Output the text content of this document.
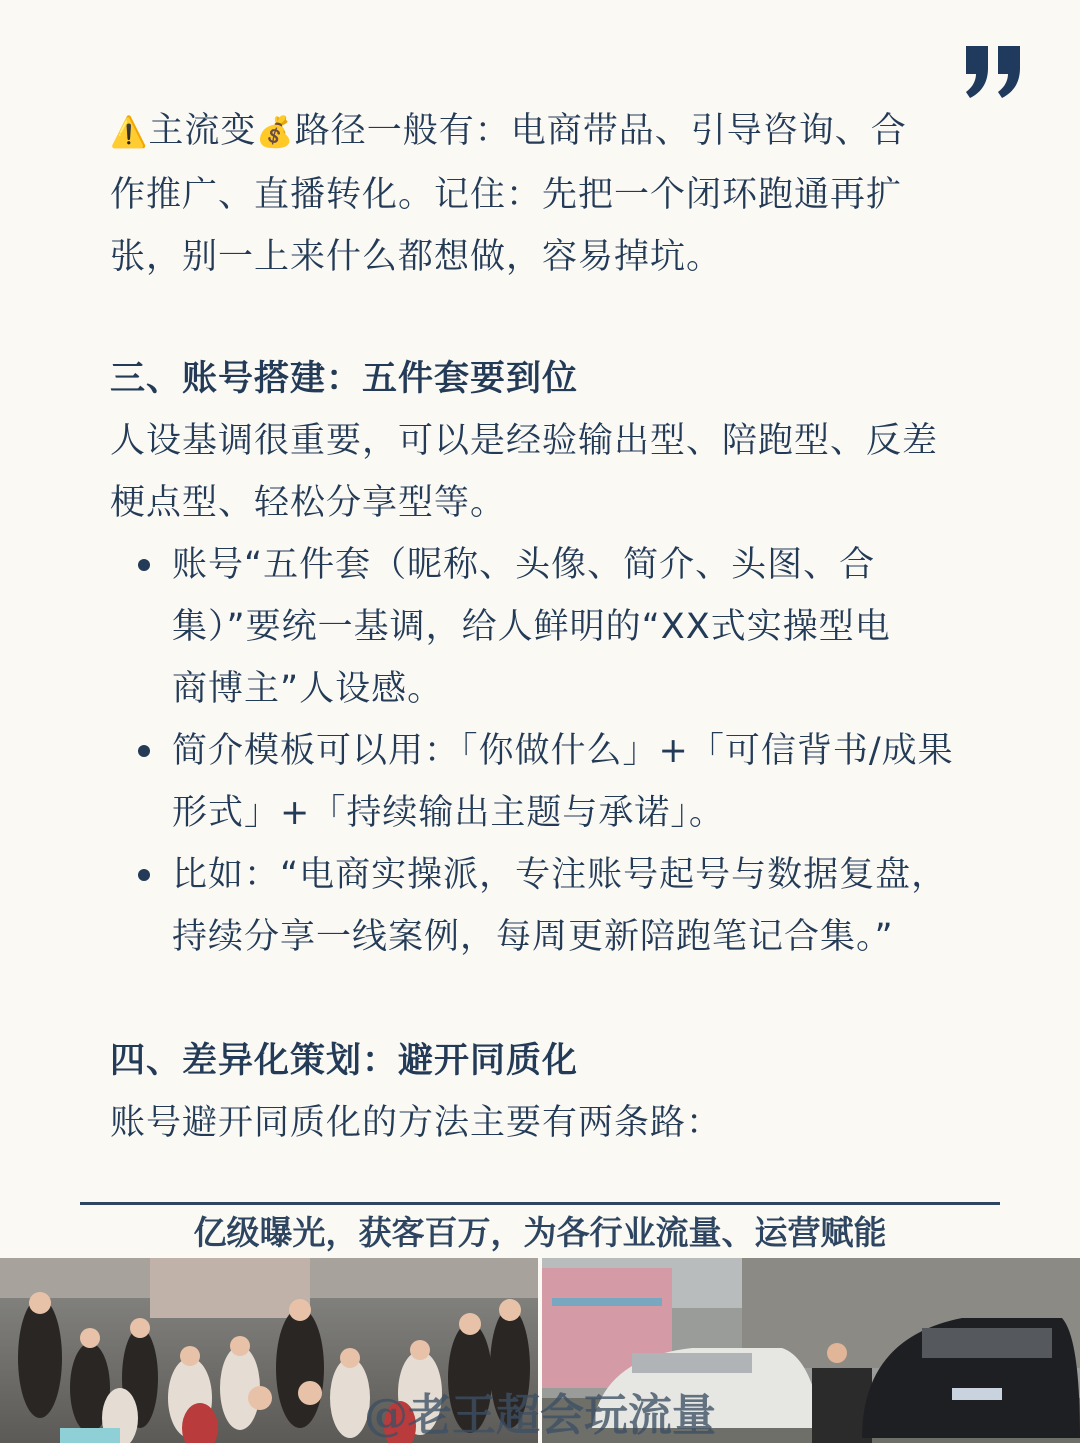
⚠️主流变💰路径一般有：电商带品、引导咨询、合
作推广、直播转化。记住：先把一个闭环跑通再扩
张，别一上来什么都想做，容易掉坑。

三、账号搭建：五件套要到位

人设基调很重要，可以是经验输出型、陪跑型、反差
梗点型、轻松分享型等。

账号“五件套（昵称、头像、简介、头图、合
集）”要统一基调，给人鲜明的“XX式实操型电
商博主”人设感。
简介模板可以用：「你做什么」+「可信背书/成果
形式」+「持续输出主题与承诺」。
比如：“电商实操派，专注账号起号与数据复盘，
持续分享一线案例，每周更新陪跑笔记合集。”

四、差异化策划：避开同质化

账号避开同质化的方法主要有两条路：

亿级曝光，获客百万，为各行业流量、运营赋能
@老王超会玩流量
